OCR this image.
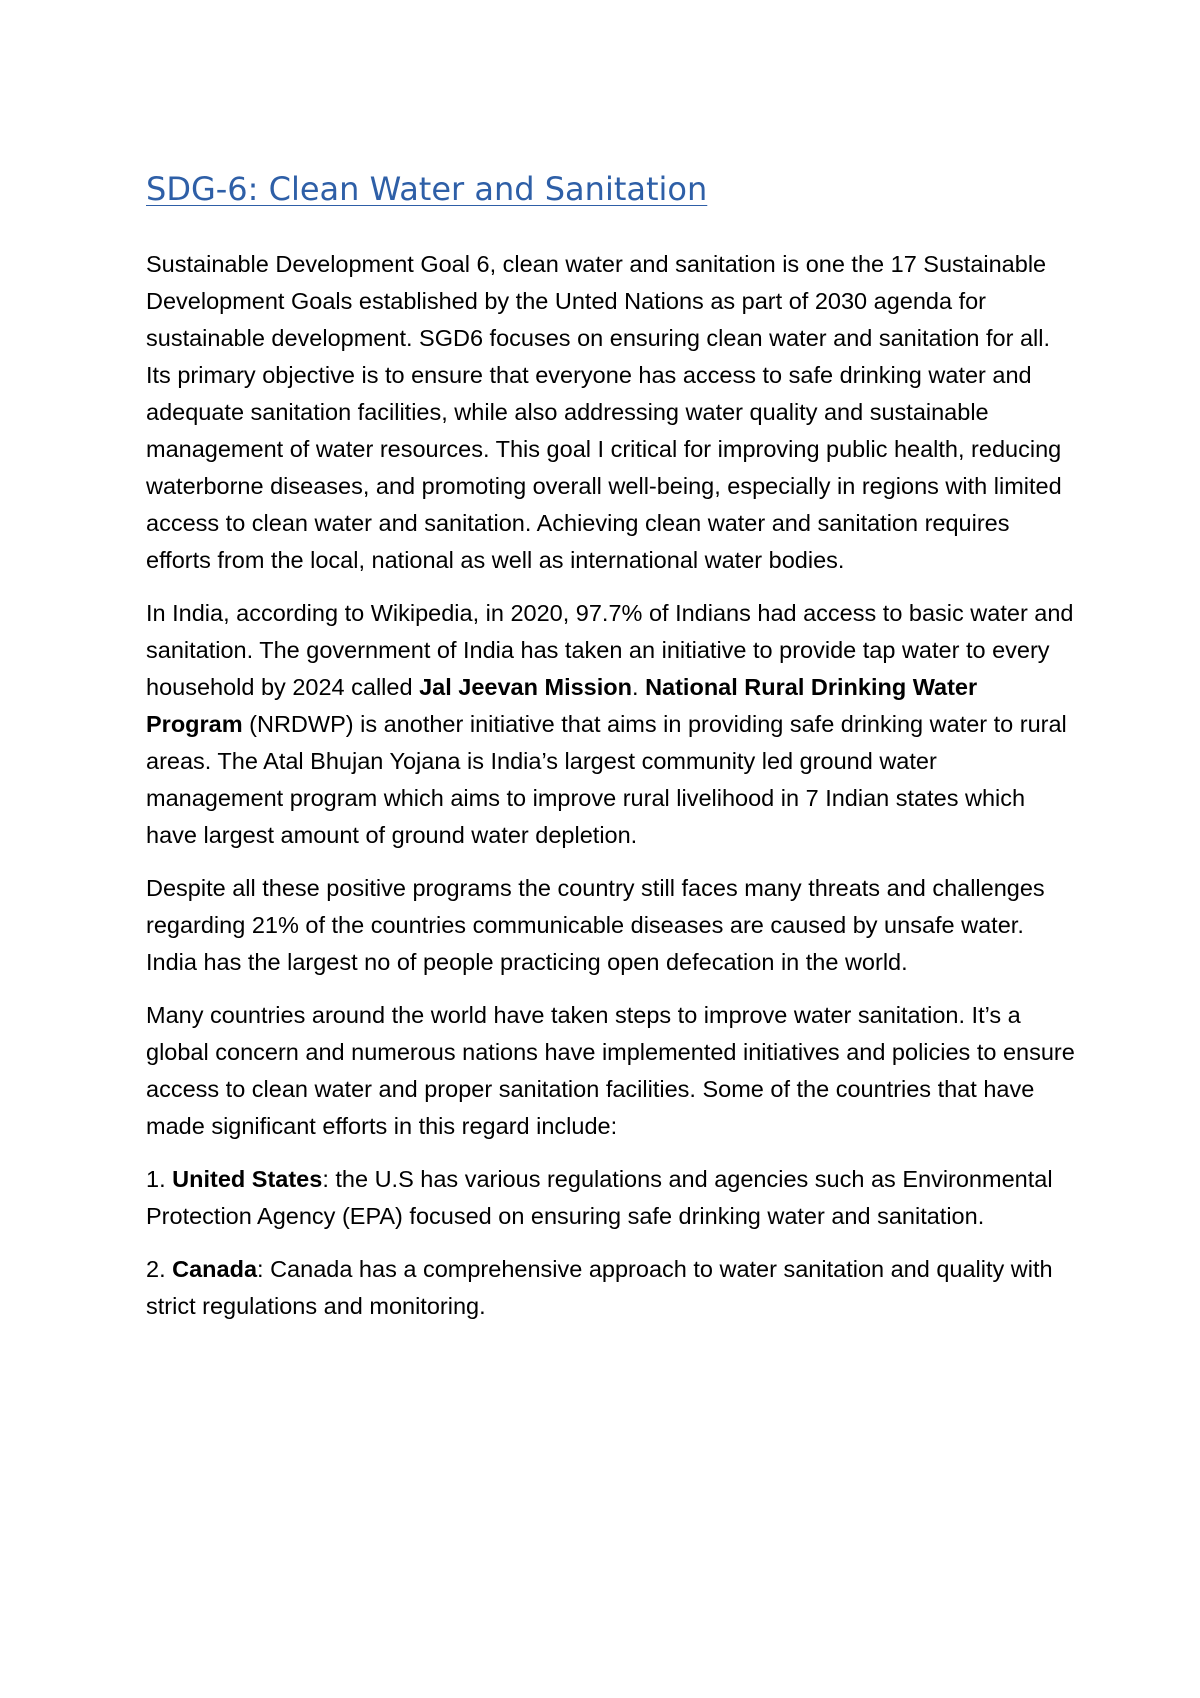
SDG-6: Clean Water and Sanitation

Sustainable Development Goal 6, clean water and sanitation is one the 17 Sustainable Development Goals established by the Unted Nations as part of 2030 agenda for sustainable development. SGD6 focuses on ensuring clean water and sanitation for all. Its primary objective is to ensure that everyone has access to safe drinking water and adequate sanitation facilities, while also addressing water quality and sustainable management of water resources. This goal I critical for improving public health, reducing waterborne diseases, and promoting overall well-being, especially in regions with limited access to clean water and sanitation. Achieving clean water and sanitation requires efforts from the local, national as well as international water bodies.

In India, according to Wikipedia, in 2020, 97.7% of Indians had access to basic water and sanitation. The government of India has taken an initiative to provide tap water to every household by 2024 called Jal Jeevan Mission. National Rural Drinking Water Program (NRDWP) is another initiative that aims in providing safe drinking water to rural areas. The Atal Bhujan Yojana is India’s largest community led ground water management program which aims to improve rural livelihood in 7 Indian states which have largest amount of ground water depletion.

Despite all these positive programs the country still faces many threats and challenges regarding 21% of the countries communicable diseases are caused by unsafe water. India has the largest no of people practicing open defecation in the world.

Many countries around the world have taken steps to improve water sanitation. It’s a global concern and numerous nations have implemented initiatives and policies to ensure access to clean water and proper sanitation facilities. Some of the countries that have made significant efforts in this regard include:

1. United States: the U.S has various regulations and agencies such as Environmental Protection Agency (EPA) focused on ensuring safe drinking water and sanitation.

2. Canada: Canada has a comprehensive approach to water sanitation and quality with strict regulations and monitoring.
